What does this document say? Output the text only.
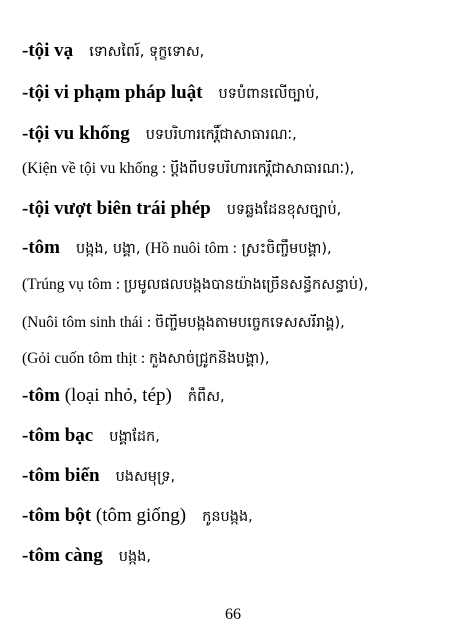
-tội vạ ទោសពៃរ៍, ទុក្ខទោស,
-tội vi phạm pháp luật បទបំពានលើច្បាប់,
-tội vu khống បទបរិហារកេរ្តិ៍ជាសាធារណៈ,
(Kiện về tội vu khống : ប្តឹងពីបទបរិហារកេរ្តិ៍ជាសាធារណៈ),
-tội vượt biên trái phép បទឆ្លងដែនខុសច្បាប់,
-tôm បង្កង, បង្គា, (Hồ nuôi tôm : ស្រះចិញ្ចឹមបង្គា),
(Trúng vụ tôm : ប្រមូលផលបង្កងបានយ៉ាងច្រើនសន្ធឹកសន្ធាប់),
(Nuôi tôm sinh thái : ចិញ្ចឹមបង្កងតាមបច្ចេកទេសសរីរាង្គ),
(Gỏi cuốn tôm thịt : កួងសាច់ជ្រូកនិងបង្គា),
-tôm (loại nhỏ, tép) កំពឹស,
-tôm bạc បង្គាដែក,
-tôm biển បងសមុទ្រ,
-tôm bột (tôm giống) កូនបង្កង,
-tôm càng បង្កង,
66
